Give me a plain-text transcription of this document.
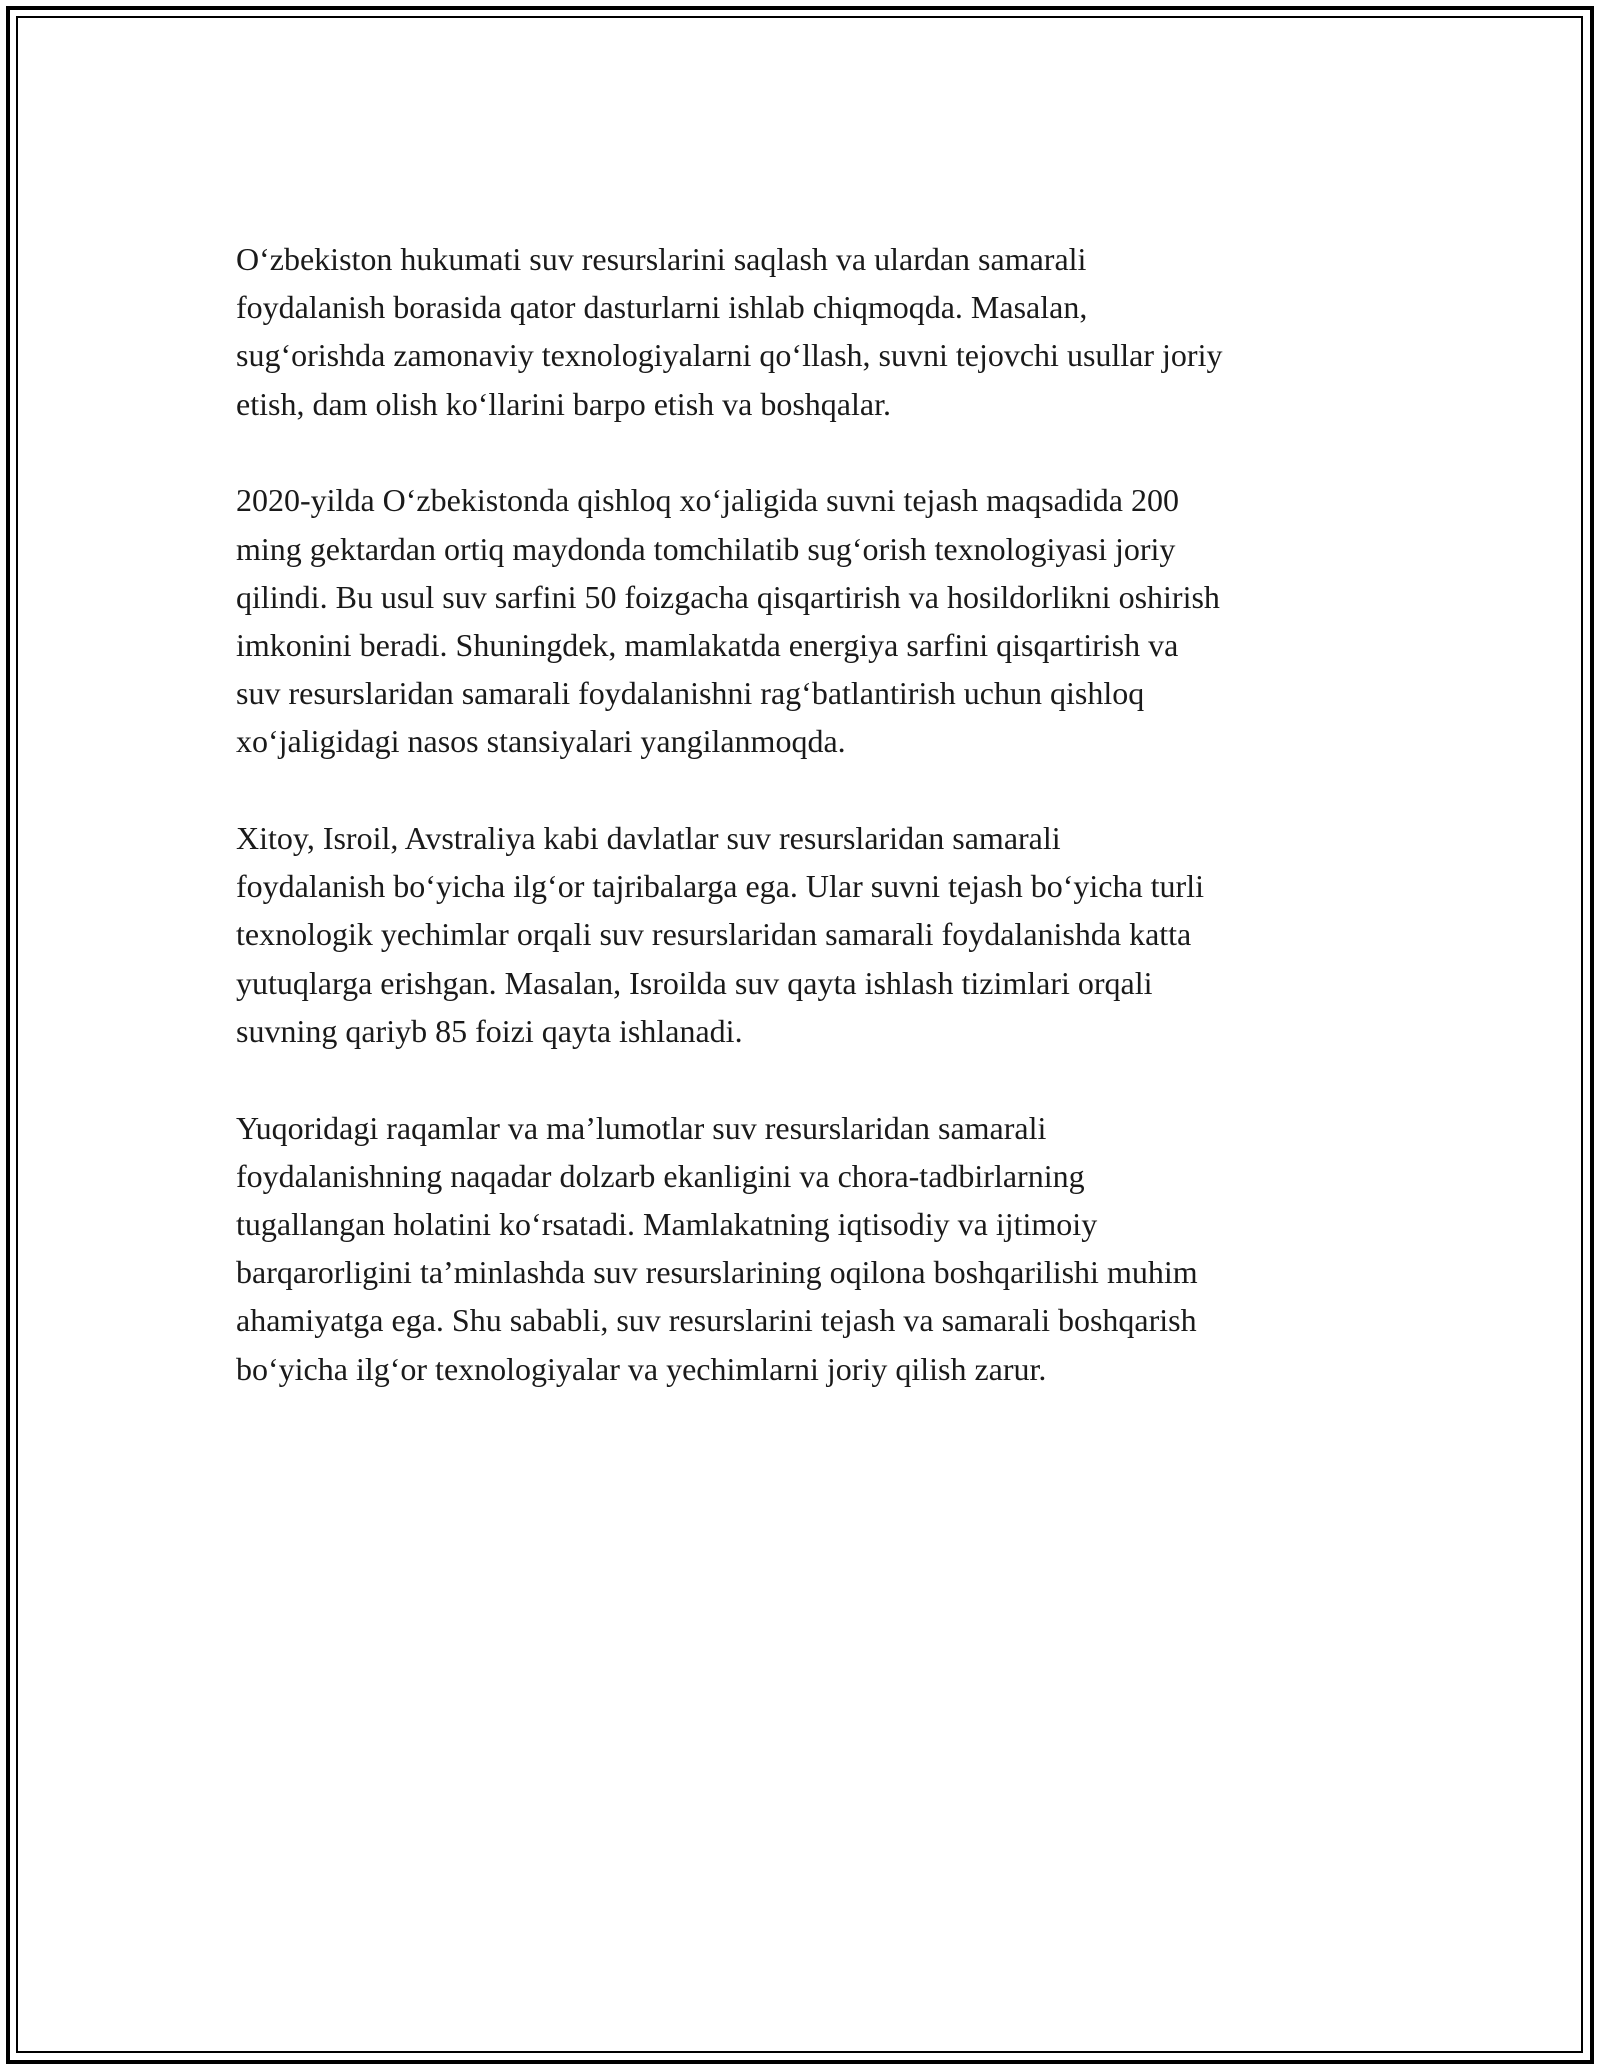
O‘zbekiston hukumati suv resurslarini saqlash va ulardan samarali
foydalanish borasida qator dasturlarni ishlab chiqmoqda. Masalan,
sug‘orishda zamonaviy texnologiyalarni qo‘llash, suvni tejovchi usullar joriy
etish, dam olish ko‘llarini barpo etish va boshqalar.

2020-yilda O‘zbekistonda qishloq xo‘jaligida suvni tejash maqsadida 200
ming gektardan ortiq maydonda tomchilatib sug‘orish texnologiyasi joriy
qilindi. Bu usul suv sarfini 50 foizgacha qisqartirish va hosildorlikni oshirish
imkonini beradi. Shuningdek, mamlakatda energiya sarfini qisqartirish va
suv resurslaridan samarali foydalanishni rag‘batlantirish uchun qishloq
xo‘jaligidagi nasos stansiyalari yangilanmoqda.

Xitoy, Isroil, Avstraliya kabi davlatlar suv resurslaridan samarali
foydalanish bo‘yicha ilg‘or tajribalarga ega. Ular suvni tejash bo‘yicha turli
texnologik yechimlar orqali suv resurslaridan samarali foydalanishda katta
yutuqlarga erishgan. Masalan, Isroilda suv qayta ishlash tizimlari orqali
suvning qariyb 85 foizi qayta ishlanadi.

Yuqoridagi raqamlar va ma’lumotlar suv resurslaridan samarali
foydalanishning naqadar dolzarb ekanligini va chora-tadbirlarning
tugallangan holatini ko‘rsatadi. Mamlakatning iqtisodiy va ijtimoiy
barqarorligini ta’minlashda suv resurslarining oqilona boshqarilishi muhim
ahamiyatga ega. Shu sababli, suv resurslarini tejash va samarali boshqarish
bo‘yicha ilg‘or texnologiyalar va yechimlarni joriy qilish zarur.
